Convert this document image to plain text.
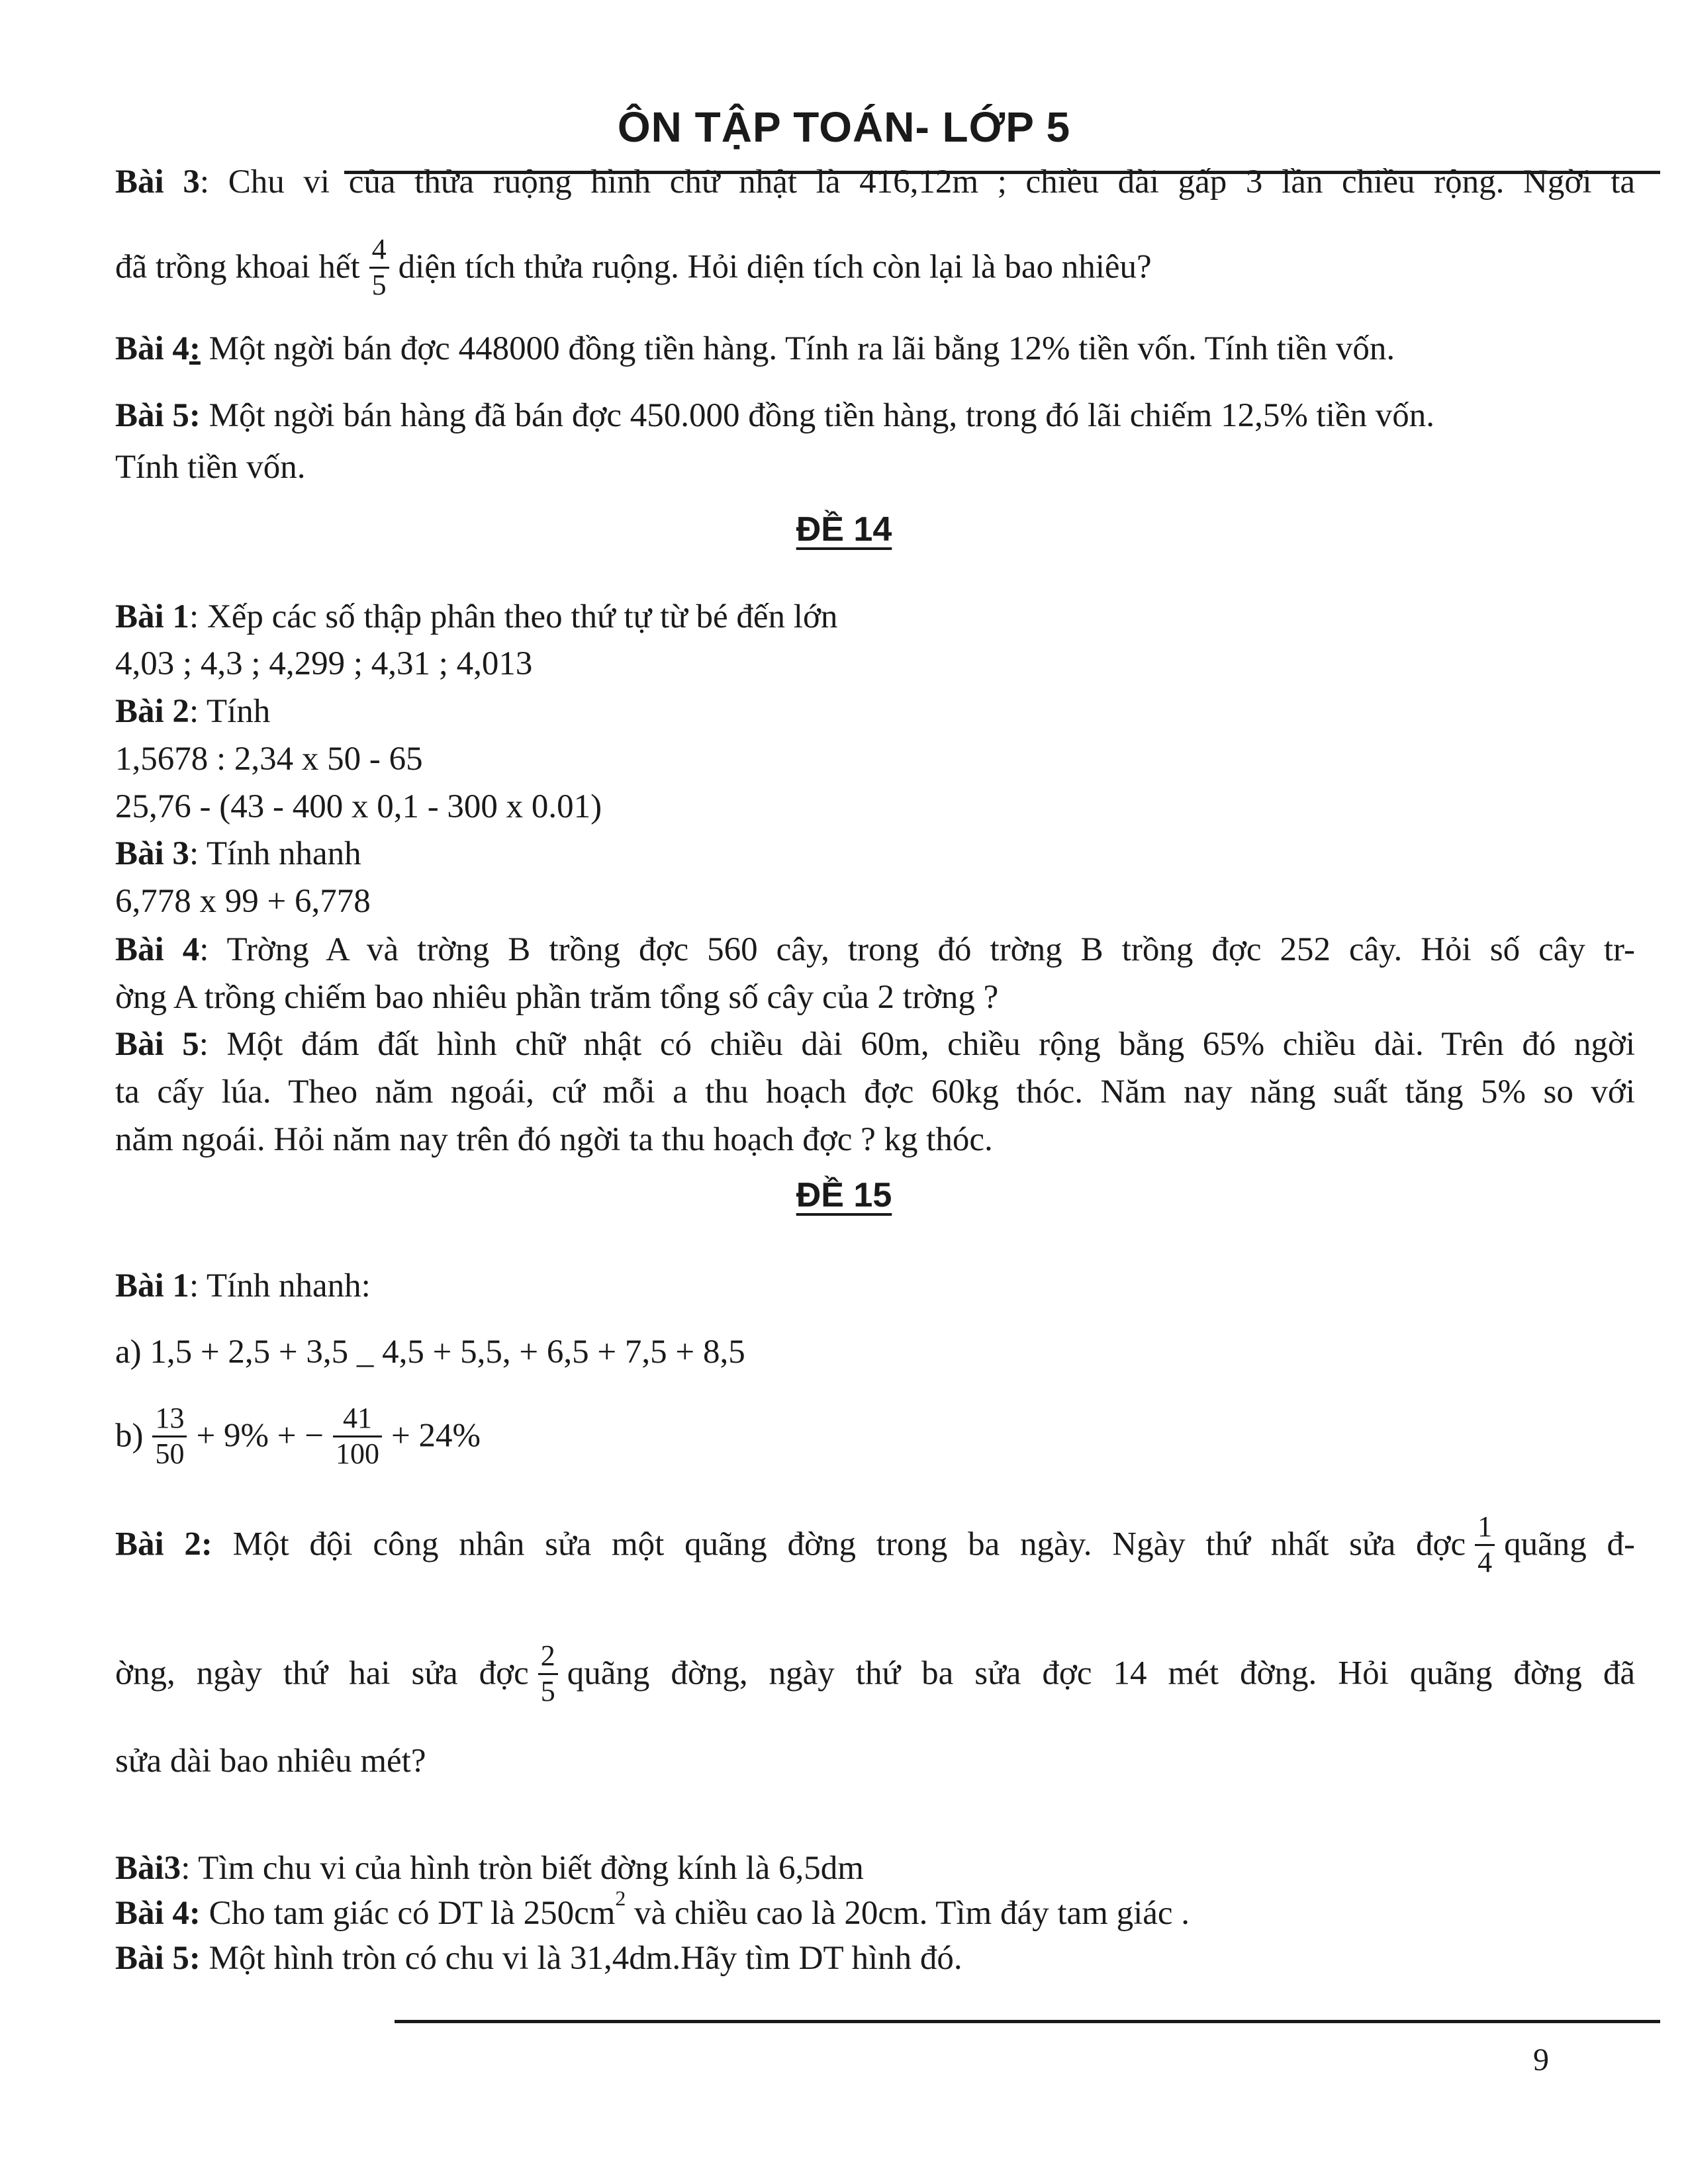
ÔN TẬP TOÁN- LỚP 5
Bài 3: Chu vi của thửa ruộng hình chữ nhật là 416,12m ; chiều dài gấp 3 lần chiều rộng. Ngời ta
đã trồng khoai hết $\frac{4}{5}$ diện tích thửa ruộng. Hỏi diện tích còn lại là bao nhiêu?
Bài 4: Một ngời bán đợc 448000 đồng tiền hàng. Tính ra lãi bằng 12% tiền vốn. Tính tiền vốn.
Bài 5: Một ngời bán hàng đã bán đợc 450.000 đồng tiền hàng, trong đó lãi chiếm 12,5% tiền vốn.
Tính tiền vốn.
ĐỀ 14
Bài 1: Xếp các số thập phân theo thứ tự từ bé đến lớn
4,03 ; 4,3 ; 4,299 ; 4,31 ; 4,013
Bài 2: Tính
1,5678 : 2,34 x 50 - 65
25,76 - (43 - 400 x 0,1 - 300 x 0.01)
Bài 3: Tính nhanh
6,778 x 99 + 6,778
Bài 4: Trờng A và trờng B trồng đợc 560 cây, trong đó trờng B trồng đợc 252 cây. Hỏi số cây tr-
ờng A trồng chiếm bao nhiêu phần trăm tổng số cây của 2 trờng ?
Bài 5: Một đám đất hình chữ nhật có chiều dài 60m, chiều rộng bằng 65% chiều dài. Trên đó ngời
ta cấy lúa. Theo năm ngoái, cứ mỗi a thu hoạch đợc 60kg thóc. Năm nay năng suất tăng 5% so với
năm ngoái. Hỏi năm nay trên đó ngời ta thu hoạch đợc ? kg thóc.
ĐỀ 15
Bài 1: Tính nhanh:
a) 1,5 + 2,5 + 3,5 _ 4,5 + 5,5, + 6,5 + 7,5 + 8,5
$b) \frac{13}{50} + 9\%$ + − $\frac{41}{100} + 24\%$
Bài 2: Một đội công nhân sửa một quãng đờng trong ba ngày. Ngày thứ nhất sửa đợc $\frac{1}{4}$ quãng đ-
ờng, ngày thứ hai sửa đợc $\frac{2}{5}$ quãng đờng, ngày thứ ba sửa đợc 14 mét đờng. Hỏi quãng đờng đã
sửa dài bao nhiêu mét?
Bài3: Tìm chu vi của hình tròn biết đờng kính là 6,5dm
Bài 4: Cho tam giác có DT là $250cm^2$ và chiều cao là 20cm. Tìm đáy tam giác .
Bài 5: Một hình tròn có chu vi là 31,4dm.Hãy tìm DT hình đó.
9
